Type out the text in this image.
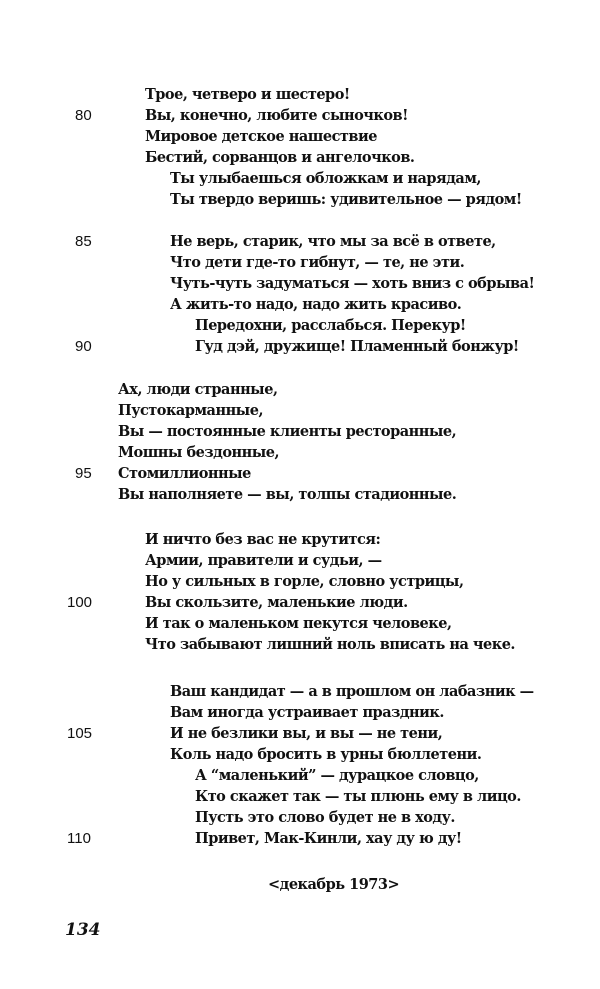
Трое, четверо и шестеро!
Вы, конечно, любите сыночков!
Мировое детское нашествие
Бестий, сорванцов и ангелочков.
Ты улыбаешься обложкам и нарядам,
Ты твердо веришь: удивительное — рядом!
80
Не верь, старик, что мы за всё в ответе,
Что дети где-то гибнут, — те, не эти.
Чуть-чуть задуматься — хоть вниз с обрыва!
А жить-то надо, надо жить красиво.
Передохни, расслабься. Перекур!
Гуд дэй, дружище! Пламенный бонжур!
85
90
Ах, люди странные,
Пустокарманные,
Вы — постоянные клиенты ресторанные,
Мошны бездонные,
Стомиллионные
Вы наполняете — вы, толпы стадионные.
95
И ничто без вас не крутится:
Армии, правители и судьи, —
Но у сильных в горле, словно устрицы,
Вы скользите, маленькие люди.
И так о маленьком пекутся человеке,
Что забывают лишний ноль вписать на чеке.
100
Ваш кандидат — а в прошлом он лабазник —
Вам иногда устраивает праздник.
И не безлики вы, и вы — не тени,
Коль надо бросить в урны бюллетени.
А “маленький” — дурацкое словцо,
Кто скажет так — ты плюнь ему в лицо.
Пусть это слово будет не в ходу.
Привет, Мак-Кинли, хау ду ю ду!
105
110
<декабрь 1973>
134
